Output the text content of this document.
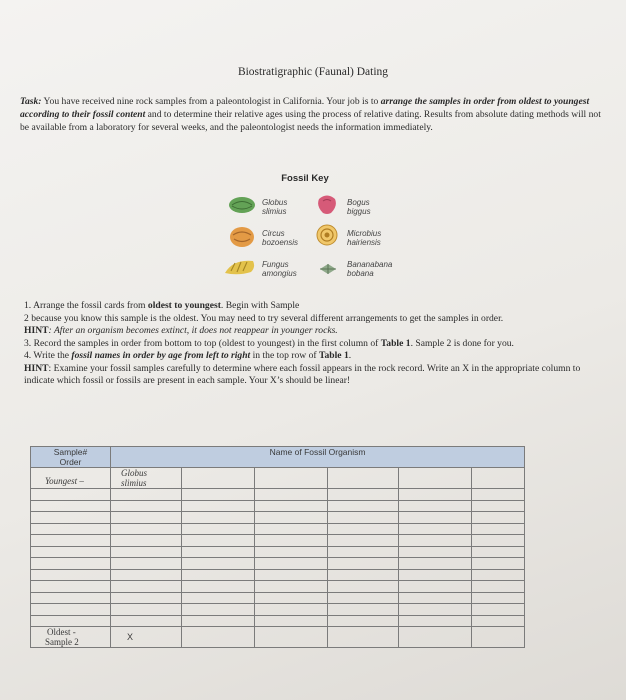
Biostratigraphic (Faunal) Dating
Task: You have received nine rock samples from a paleontologist in California. Your job is to arrange the samples in order from oldest to youngest according to their fossil content and to determine their relative ages using the process of relative dating. Results from absolute dating methods will not be available from a laboratory for several weeks, and the paleontologist needs the information immediately.
Fossil Key
Globus
slimius
Bogus
biggus
Circus
bozoensis
Microbius
hairiensis
Fungus
amongius
Bananabana
bobana

1. Arrange the fossil cards from oldest to youngest. Begin with Sample

2 because you know this sample is the oldest. You may need to try several different arrangements to get the samples in order.

HINT: After an organism becomes extinct, it does not reappear in younger rocks.

3. Record the samples in order from bottom to top (oldest to youngest) in the first column of Table 1. Sample 2 is done for you.

4. Write the fossil names in order by age from left to right in the top row of Table 1.

HINT: Examine your fossil samples carefully to determine where each fossil appears in the rock record. Write an X in the appropriate column to indicate which fossil or fossils are present in each sample. Your X’s should be linear!

Sample#
Order	Name of Fossil Organism					

Youngest –	Globus
slimius					

Oldest -
Sample 2	X					
